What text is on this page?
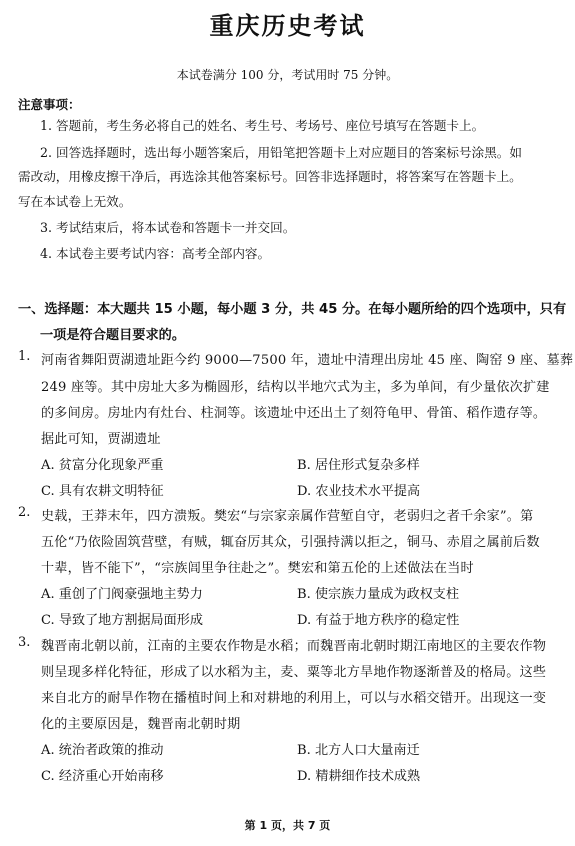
重庆历史考试
本试卷满分 100 分，考试用时 75 分钟。
注意事项：
1. 答题前，考生务必将自己的姓名、考生号、考场号、座位号填写在答题卡上。
2. 回答选择题时，选出每小题答案后，用铅笔把答题卡上对应题目的答案标号涂黑。如
需改动，用橡皮擦干净后，再选涂其他答案标号。回答非选择题时，将答案写在答题卡上。
写在本试卷上无效。
3. 考试结束后，将本试卷和答题卡一并交回。
4. 本试卷主要考试内容：高考全部内容。
一、选择题：本大题共 15 小题，每小题 3 分，共 45 分。在每小题所给的四个选项中，只有
一项是符合题目要求的。
1. 河南省舞阳贾湖遗址距今约 9000—7500 年，遗址中清理出房址 45 座、陶窑 9 座、墓葬
249 座等。其中房址大多为椭圆形，结构以半地穴式为主，多为单间，有少量依次扩建
的多间房。房址内有灶台、柱洞等。该遗址中还出土了刻符龟甲、骨笛、稻作遗存等。
据此可知，贾湖遗址
A. 贫富分化现象严重	B. 居住形式复杂多样
C. 具有农耕文明特征	D. 农业技术水平提高
2. 史载，王莽末年，四方溃叛。樊宏“与宗家亲属作营堑自守，老弱归之者千余家”。第
五伦“乃依险固筑营壁，有贼，辄奋厉其众，引强持满以拒之，铜马、赤眉之属前后数
十辈，皆不能下”，“宗族闾里争往赴之”。樊宏和第五伦的上述做法在当时
A. 重创了门阀豪强地主势力	B. 使宗族力量成为政权支柱
C. 导致了地方割据局面形成	D. 有益于地方秩序的稳定性
3. 魏晋南北朝以前，江南的主要农作物是水稻；而魏晋南北朝时期江南地区的主要农作物
则呈现多样化特征，形成了以水稻为主，麦、粟等北方旱地作物逐渐普及的格局。这些
来自北方的耐旱作物在播植时间上和对耕地的利用上，可以与水稻交错开。出现这一变
化的主要原因是，魏晋南北朝时期
A. 统治者政策的推动	B. 北方人口大量南迁
C. 经济重心开始南移	D. 精耕细作技术成熟
第 1 页，共 7 页
